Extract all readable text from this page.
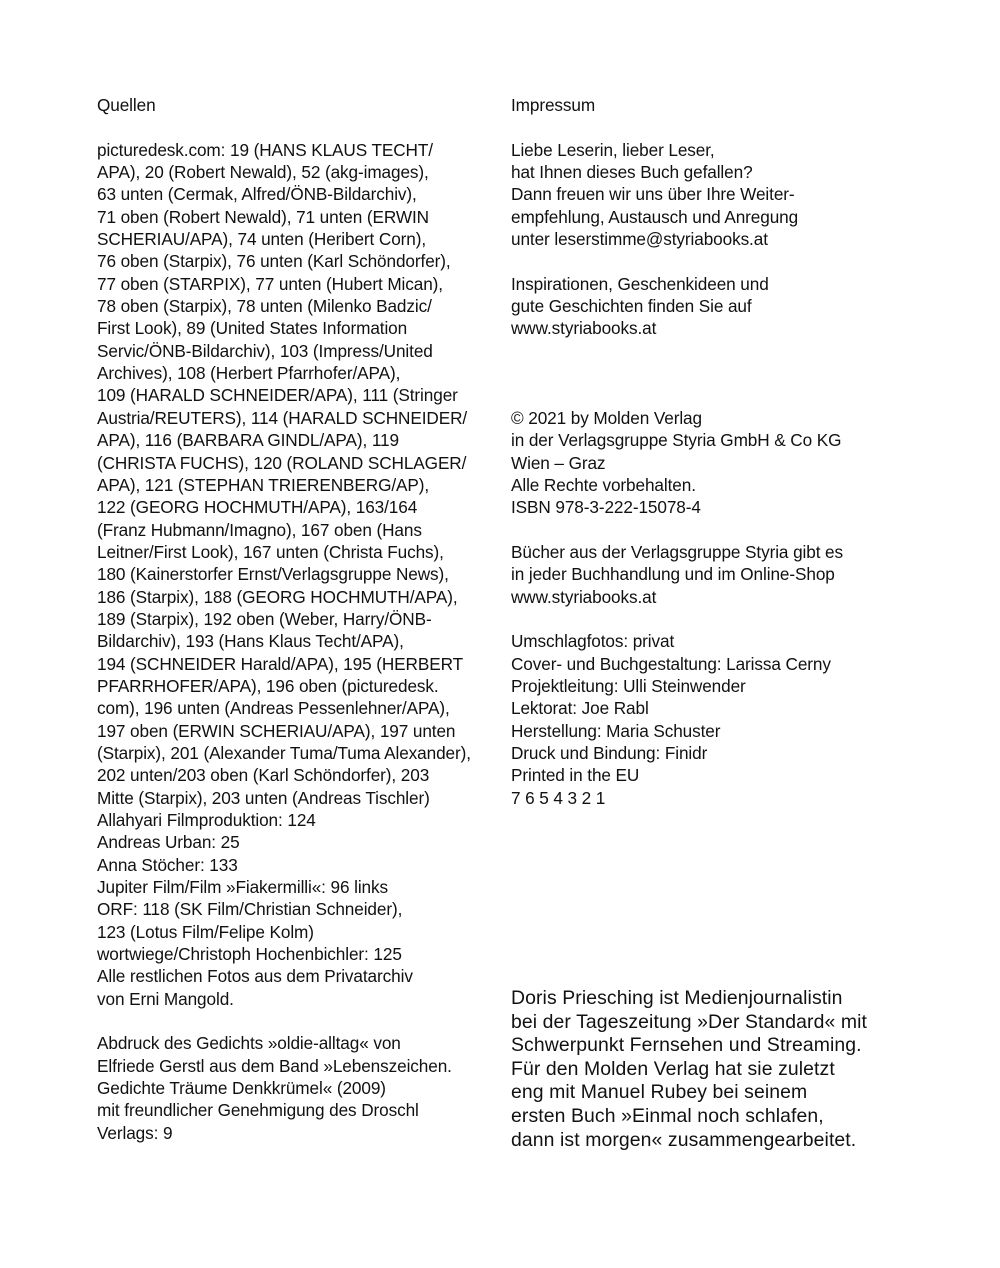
Quellen
picturedesk.com: 19 (HANS KLAUS TECHT/
APA), 20 (Robert Newald), 52 (akg-images),
63 unten (Cermak, Alfred/ÖNB-Bildarchiv),
71 oben (Robert Newald), 71 unten (ERWIN
SCHERIAU/APA), 74 unten (Heribert Corn),
76 oben (Starpix), 76 unten (Karl Schöndorfer),
77 oben (STARPIX), 77 unten (Hubert Mican),
78 oben (Starpix), 78 unten (Milenko Badzic/
First Look), 89 (United States Information
Servic/ÖNB-Bildarchiv), 103 (Impress/United
Archives), 108 (Herbert Pfarrhofer/APA),
109 (HARALD SCHNEIDER/APA), 111 (Stringer
Austria/REUTERS), 114 (HARALD SCHNEIDER/
APA), 116 (BARBARA GINDL/APA), 119
(CHRISTA FUCHS), 120 (ROLAND SCHLAGER/
APA), 121 (STEPHAN TRIERENBERG/AP),
122 (GEORG HOCHMUTH/APA), 163/164
(Franz Hubmann/Imagno), 167 oben (Hans
Leitner/First Look), 167 unten (Christa Fuchs),
180 (Kainerstorfer Ernst/Verlagsgruppe News),
186 (Starpix), 188 (GEORG HOCHMUTH/APA),
189 (Starpix), 192 oben (Weber, Harry/ÖNB-
Bildarchiv), 193 (Hans Klaus Techt/APA),
194 (SCHNEIDER Harald/APA), 195 (HERBERT
PFARRHOFER/APA), 196 oben (picturedesk.
com), 196 unten (Andreas Pessenlehner/APA),
197 oben (ERWIN SCHERIAU/APA), 197 unten
(Starpix), 201 (Alexander Tuma/Tuma Alexander),
202 unten/203 oben (Karl Schöndorfer), 203
Mitte (Starpix), 203 unten (Andreas Tischler)
Allahyari Filmproduktion: 124
Andreas Urban: 25
Anna Stöcher: 133
Jupiter Film/Film »Fiakermilli«: 96 links
ORF: 118 (SK Film/Christian Schneider),
123 (Lotus Film/Felipe Kolm)
wortwiege/Christoph Hochenbichler: 125
Alle restlichen Fotos aus dem Privatarchiv
von Erni Mangold.
Abdruck des Gedichts »oldie-alltag« von
Elfriede Gerstl aus dem Band »Lebenszeichen.
Gedichte Träume Denkkrümel« (2009)
mit freundlicher Genehmigung des Droschl
Verlags: 9
Impressum
Liebe Leserin, lieber Leser,
hat Ihnen dieses Buch gefallen?
Dann freuen wir uns über Ihre Weiter-
empfehlung, Austausch und Anregung
unter leserstimme@styriabooks.at
Inspirationen, Geschenkideen und
gute Geschichten finden Sie auf
www.styriabooks.at
© 2021 by Molden Verlag
in der Verlagsgruppe Styria GmbH & Co KG
Wien – Graz
Alle Rechte vorbehalten.
ISBN 978-3-222-15078-4
Bücher aus der Verlagsgruppe Styria gibt es
in jeder Buchhandlung und im Online-Shop
www.styriabooks.at
Umschlagfotos: privat
Cover- und Buchgestaltung: Larissa Cerny
Projektleitung: Ulli Steinwender
Lektorat: Joe Rabl
Herstellung: Maria Schuster
Druck und Bindung: Finidr
Printed in the EU
7 6 5 4 3 2 1
Doris Priesching ist Medienjournalistin
bei der Tageszeitung »Der Standard« mit
Schwerpunkt Fernsehen und Streaming.
Für den Molden Verlag hat sie zuletzt
eng mit Manuel Rubey bei seinem
ersten Buch »Einmal noch schlafen,
dann ist morgen« zusammengearbeitet.
